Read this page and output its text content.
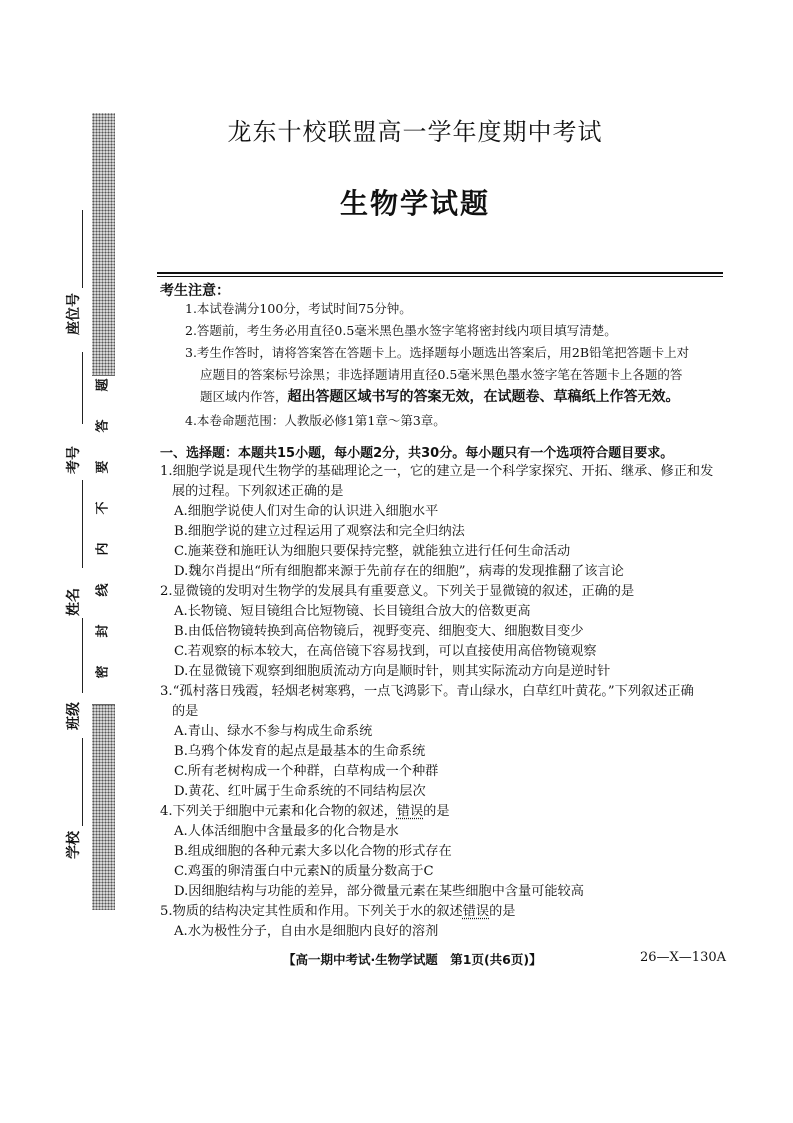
题
答
要
不
内
线
封
密
座位号
考号
姓名
班级
学校
龙东十校联盟高一学年度期中考试
生物学试题
考生注意：
1.本试卷满分100分，考试时间75分钟。
2.答题前，考生务必用直径0.5毫米黑色墨水签字笔将密封线内项目填写清楚。
3.考生作答时，请将答案答在答题卡上。选择题每小题选出答案后，用2B铅笔把答题卡上对
应题目的答案标号涂黑；非选择题请用直径0.5毫米黑色墨水签字笔在答题卡上各题的答
题区域内作答，超出答题区域书写的答案无效，在试题卷、草稿纸上作答无效。
4.本卷命题范围：人教版必修1第1章～第3章。
一、选择题：本题共15小题，每小题2分，共30分。每小题只有一个选项符合题目要求。
1.细胞学说是现代生物学的基础理论之一，它的建立是一个科学家探究、开拓、继承、修正和发
展的过程。下列叙述正确的是
A.细胞学说使人们对生命的认识进入细胞水平
B.细胞学说的建立过程运用了观察法和完全归纳法
C.施莱登和施旺认为细胞只要保持完整，就能独立进行任何生命活动
D.魏尔肖提出“所有细胞都来源于先前存在的细胞”，病毒的发现推翻了该言论
2.显微镜的发明对生物学的发展具有重要意义。下列关于显微镜的叙述，正确的是
A.长物镜、短目镜组合比短物镜、长目镜组合放大的倍数更高
B.由低倍物镜转换到高倍物镜后，视野变亮、细胞变大、细胞数目变少
C.若观察的标本较大，在高倍镜下容易找到，可以直接使用高倍物镜观察
D.在显微镜下观察到细胞质流动方向是顺时针，则其实际流动方向是逆时针
3.“孤村落日残霞，轻烟老树寒鸦，一点飞鸿影下。青山绿水，白草红叶黄花。”下列叙述正确
的是
A.青山、绿水不参与构成生命系统
B.乌鸦个体发育的起点是最基本的生命系统
C.所有老树构成一个种群，白草构成一个种群
D.黄花、红叶属于生命系统的不同结构层次
4.下列关于细胞中元素和化合物的叙述，错误的是
A.人体活细胞中含量最多的化合物是水
B.组成细胞的各种元素大多以化合物的形式存在
C.鸡蛋的卵清蛋白中元素N的质量分数高于C
D.因细胞结构与功能的差异，部分微量元素在某些细胞中含量可能较高
5.物质的结构决定其性质和作用。下列关于水的叙述错误的是
A.水为极性分子，自由水是细胞内良好的溶剂
【高一期中考试·生物学试题　第1页(共6页)】	26—X—130A
